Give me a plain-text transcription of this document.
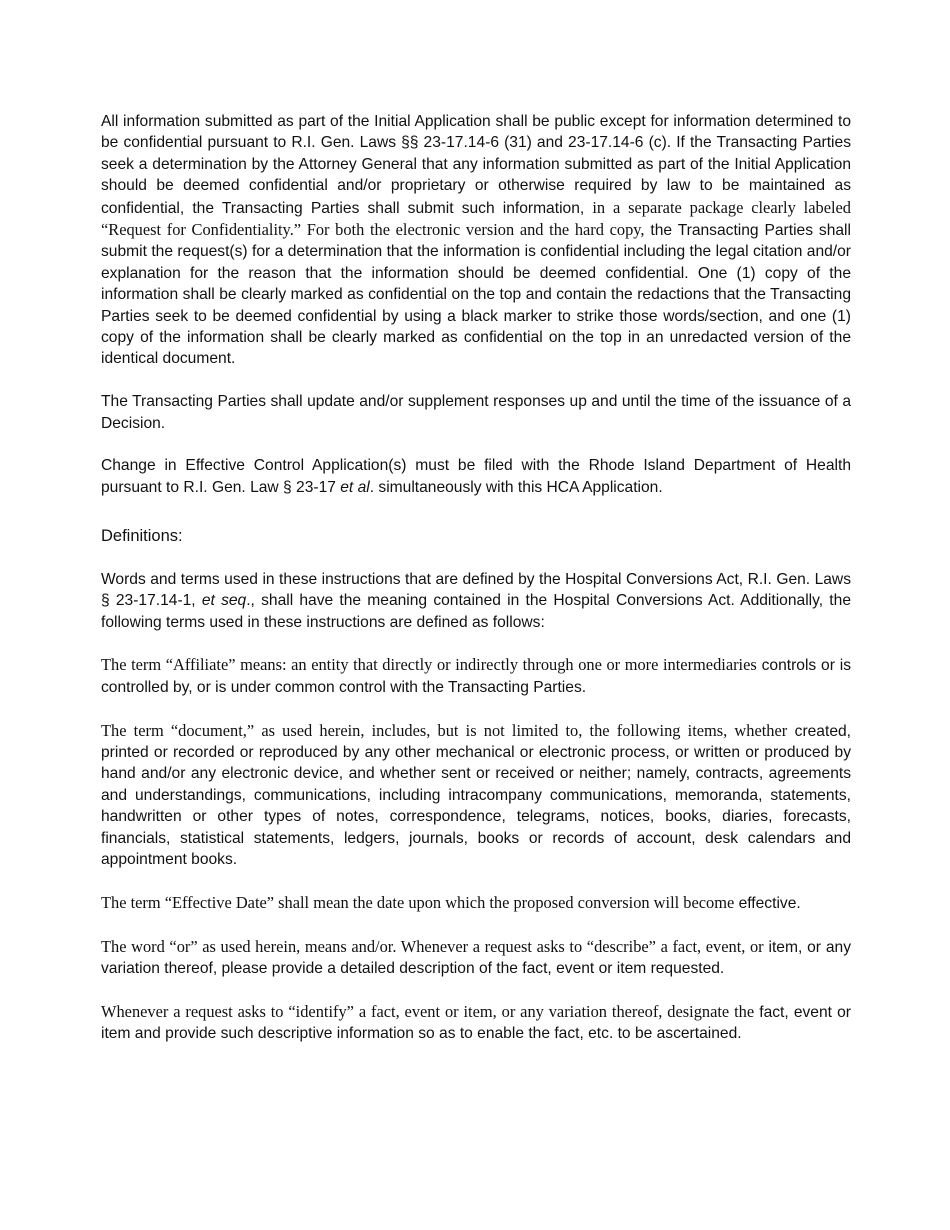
All information submitted as part of the Initial Application shall be public except for information determined to be confidential pursuant to R.I. Gen. Laws §§ 23-17.14-6 (31) and 23-17.14-6 (c). If the Transacting Parties seek a determination by the Attorney General that any information submitted as part of the Initial Application should be deemed confidential and/or proprietary or otherwise required by law to be maintained as confidential, the Transacting Parties shall submit such information, in a separate package clearly labeled “Request for Confidentiality.” For both the electronic version and the hard copy, the Transacting Parties shall submit the request(s) for a determination that the information is confidential including the legal citation and/or explanation for the reason that the information should be deemed confidential. One (1) copy of the information shall be clearly marked as confidential on the top and contain the redactions that the Transacting Parties seek to be deemed confidential by using a black marker to strike those words/section, and one (1) copy of the information shall be clearly marked as confidential on the top in an unredacted version of the identical document.

The Transacting Parties shall update and/or supplement responses up and until the time of the issuance of a Decision.

Change in Effective Control Application(s) must be filed with the Rhode Island Department of Health pursuant to R.I. Gen. Law § 23-17 et al. simultaneously with this HCA Application.

Definitions:

Words and terms used in these instructions that are defined by the Hospital Conversions Act, R.I. Gen. Laws § 23-17.14-1, et seq., shall have the meaning contained in the Hospital Conversions Act. Additionally, the following terms used in these instructions are defined as follows:

The term “Affiliate” means: an entity that directly or indirectly through one or more intermediaries controls or is controlled by, or is under common control with the Transacting Parties.

The term “document,” as used herein, includes, but is not limited to, the following items, whether created, printed or recorded or reproduced by any other mechanical or electronic process, or written or produced by hand and/or any electronic device, and whether sent or received or neither; namely, contracts, agreements and understandings, communications, including intracompany communications, memoranda, statements, handwritten or other types of notes, correspondence, telegrams, notices, books, diaries, forecasts, financials, statistical statements, ledgers, journals, books or records of account, desk calendars and appointment books.

The term “Effective Date” shall mean the date upon which the proposed conversion will become effective.

The word “or” as used herein, means and/or. Whenever a request asks to “describe” a fact, event, or item, or any variation thereof, please provide a detailed description of the fact, event or item requested.

Whenever a request asks to “identify” a fact, event or item, or any variation thereof, designate the fact, event or item and provide such descriptive information so as to enable the fact, etc. to be ascertained.
